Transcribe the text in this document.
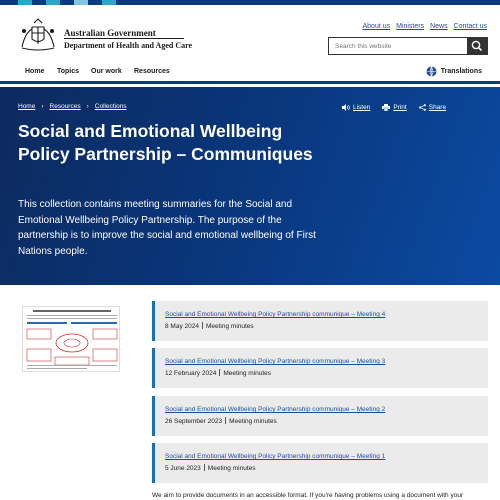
Australian Government
Department of Health and Aged Care
About us Ministers News Contact us
Search this website
Home Topics Our work Resources	Translations
Home › Resources › Collections	Listen	Print	Share
Social and Emotional Wellbeing Policy Partnership – Communiques

This collection contains meeting summaries for the Social and Emotional Wellbeing Policy Partnership. The purpose of the partnership is to improve the social and emotional wellbeing of First Nations people.

Social and Emotional Wellbeing Policy Partnership communique – Meeting 4
8 May 2024 Meeting minutes
Social and Emotional Wellbeing Policy Partnership communique – Meeting 3
12 February 2024 Meeting minutes
Social and Emotional Wellbeing Policy Partnership communique – Meeting 2
26 September 2023 Meeting minutes
Social and Emotional Wellbeing Policy Partnership communique – Meeting 1
5 June 2023 Meeting minutes
We aim to provide documents in an accessible format. If you're having problems using a document with your
